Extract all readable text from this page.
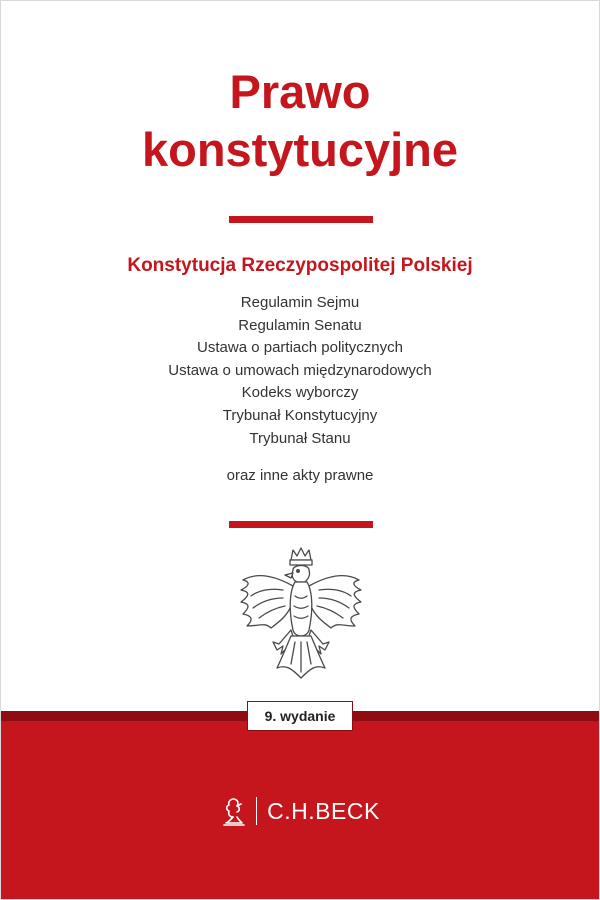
Prawo
konstytucyjne
Konstytucja Rzeczypospolitej Polskiej
Regulamin Sejmu
Regulamin Senatu
Ustawa o partiach politycznych
Ustawa o umowach międzynarodowych
Kodeks wyborczy
Trybunał Konstytucyjny
Trybunał Stanu
oraz inne akty prawne
9. wydanie
C.H.BECK
